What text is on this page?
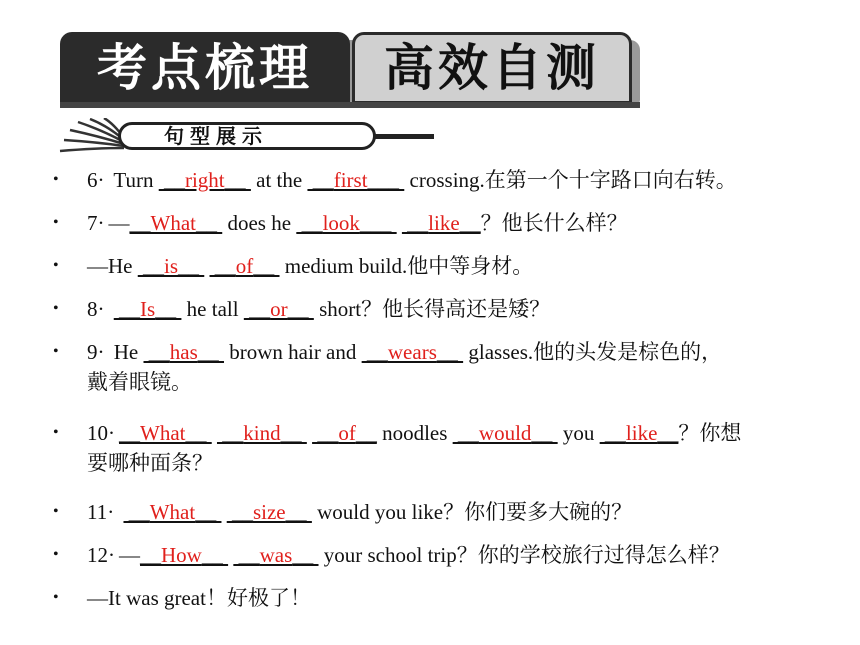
考点梳理 高效自测
句型展示
• 6· Turn  __right__  at the  __first___  crossing.在第一个十字路口向右转。
• 7· —__What__  does he  __look___   __like__？他长什么样？
• —He  __is__   __of__  medium build.他中等身材。
• 8·  __Is__  he tall  __or__  short？他长得高还是矮？
• 9· He  __has__  brown hair and  __wears__  glasses.他的头发是棕色的，
戴着眼镜。
• 10· __What__   __kind__   __of__ noodles  __would__  you  __like__？你想
要哪种面条？
• 11·  __What__   __size__  would you like？你们要多大碗的？
• 12· —__How__   __was__  your school trip？你的学校旅行过得怎么样？
• —It was great！好极了！
